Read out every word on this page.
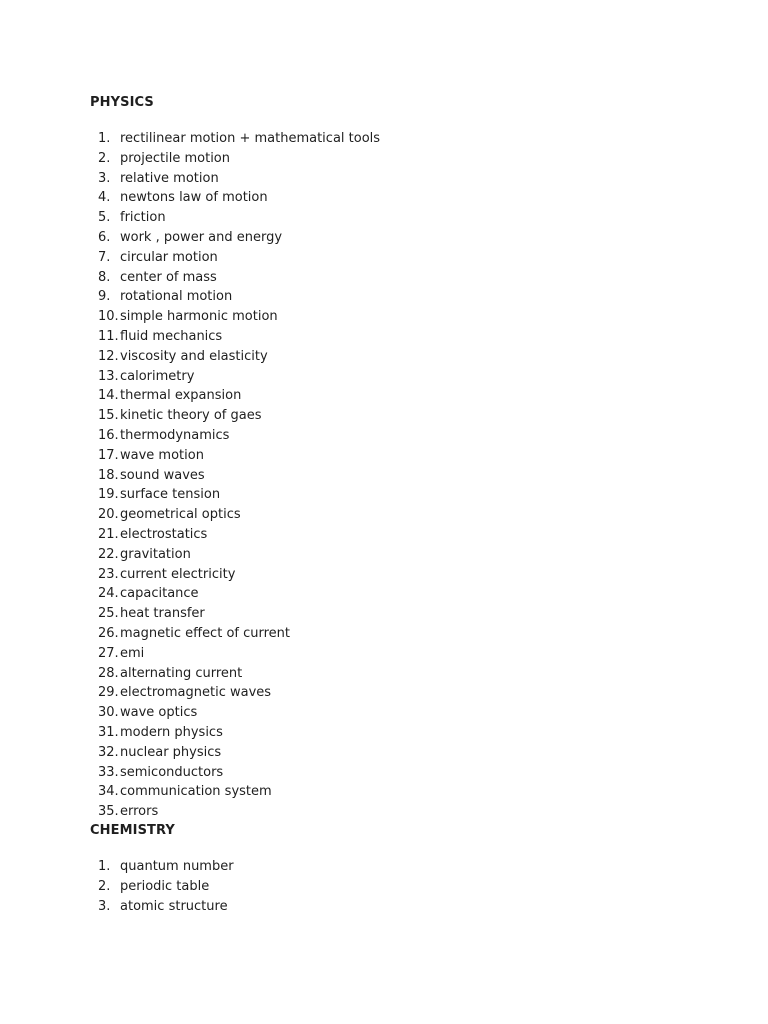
PHYSICS
1. rectilinear motion + mathematical tools
2. projectile motion
3. relative motion
4. newtons law of motion
5. friction
6. work , power and energy
7. circular motion
8. center of mass
9. rotational motion
10. simple harmonic motion
11. fluid mechanics
12. viscosity and elasticity
13. calorimetry
14. thermal expansion
15. kinetic theory of gaes
16. thermodynamics
17. wave motion
18. sound waves
19. surface tension
20. geometrical optics
21. electrostatics
22. gravitation
23. current electricity
24. capacitance
25. heat transfer
26. magnetic effect of current
27. emi
28. alternating current
29. electromagnetic waves
30. wave optics
31. modern physics
32. nuclear physics
33. semiconductors
34. communication system
35. errors
CHEMISTRY
1. quantum number
2. periodic table
3. atomic structure
